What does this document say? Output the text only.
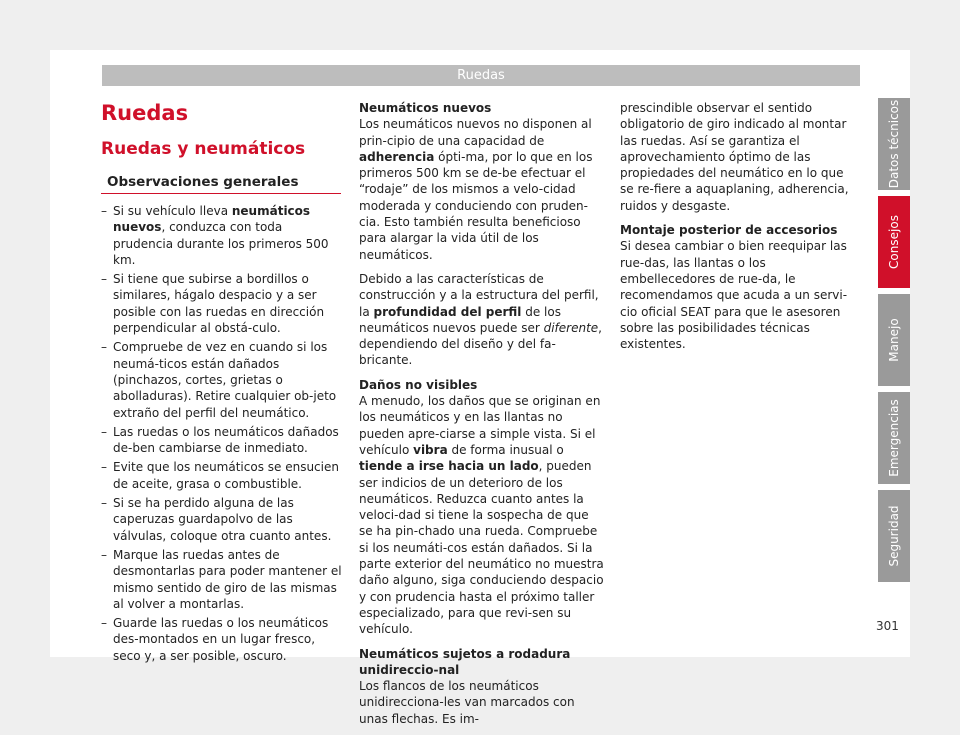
Ruedas
Ruedas
Ruedas y neumáticos
Observaciones generales
– Si su vehículo lleva neumáticos nuevos, conduzca con toda prudencia durante los primeros 500 km.
– Si tiene que subirse a bordillos o similares, hágalo despacio y a ser posible con las ruedas en dirección perpendicular al obstá-culo.
– Compruebe de vez en cuando si los neumá-ticos están dañados (pinchazos, cortes, grietas o abolladuras). Retire cualquier ob-jeto extraño del perfil del neumático.
– Las ruedas o los neumáticos dañados de-ben cambiarse de inmediato.
– Evite que los neumáticos se ensucien de aceite, grasa o combustible.
– Si se ha perdido alguna de las caperuzas guardapolvo de las válvulas, coloque otra cuanto antes.
– Marque las ruedas antes de desmontarlas para poder mantener el mismo sentido de giro de las mismas al volver a montarlas.
– Guarde las ruedas o los neumáticos des-montados en un lugar fresco, seco y, a ser posible, oscuro.

Neumáticos nuevos
Los neumáticos nuevos no disponen al prin-cipio de una capacidad de adherencia ópti-ma, por lo que en los primeros 500 km se de-be efectuar el “rodaje” de los mismos a velo-cidad moderada y conduciendo con pruden-cia. Esto también resulta beneficioso para alargar la vida útil de los neumáticos.

Debido a las características de construcción y a la estructura del perfil, la profundidad del perfil de los neumáticos nuevos puede ser diferente, dependiendo del diseño y del fa-bricante.

Daños no visibles
A menudo, los daños que se originan en los neumáticos y en las llantas no pueden apre-ciarse a simple vista. Si el vehículo vibra de forma inusual o tiende a irse hacia un lado, pueden ser indicios de un deterioro de los neumáticos. Reduzca cuanto antes la veloci-dad si tiene la sospecha de que se ha pin-chado una rueda. Compruebe si los neumáti-cos están dañados. Si la parte exterior del neumático no muestra daño alguno, siga conduciendo despacio y con prudencia hasta el próximo taller especializado, para que revi-sen su vehículo.

Neumáticos sujetos a rodadura unidireccio-nal
Los flancos de los neumáticos unidirecciona-les van marcados con unas flechas. Es im-

prescindible observar el sentido obligatorio de giro indicado al montar las ruedas. Así se garantiza el aprovechamiento óptimo de las propiedades del neumático en lo que se re-fiere a aquaplaning, adherencia, ruidos y desgaste.

Montaje posterior de accesorios
Si desea cambiar o bien reequipar las rue-das, las llantas o los embellecedores de rue-da, le recomendamos que acuda a un servi-cio oficial SEAT para que le asesoren sobre las posibilidades técnicas existentes.

Datos técnicos
Consejos
Manejo
Emergencias
Seguridad
301
